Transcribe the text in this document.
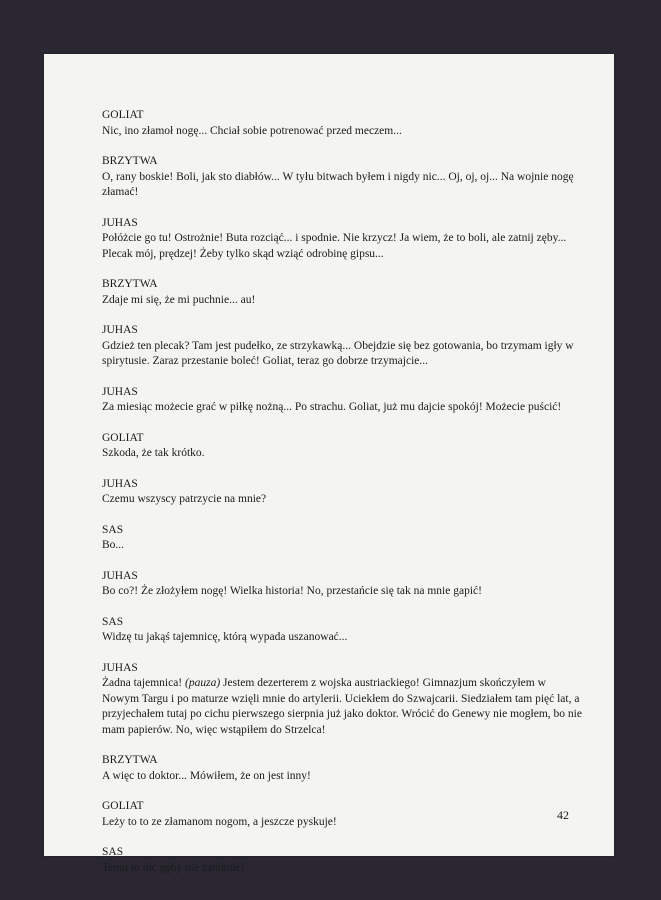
GOLIAT
Nic, ino złamoł nogę... Chciał sobie potrenować przed meczem...
BRZYTWA
O, rany boskie! Boli, jak sto diabłów... W tyłu bitwach byłem i nigdy nic... Oj, oj, oj... Na wojnie nogę złamać!
JUHAS
Połóżcie go tu! Ostrożnie! Buta rozciąć... i spodnie. Nie krzycz! Ja wiem, że to boli, ale zatnij zęby... Plecak mój, prędzej! Żeby tylko skąd wziąć odrobinę gipsu...
BRZYTWA
Zdaje mi się, że mi puchnie... au!
JUHAS
Gdzież ten plecak? Tam jest pudełko, ze strzykawką... Obejdzie się bez gotowania, bo trzymam igły w spirytusie. Zaraz przestanie boleć! Goliat, teraz go dobrze trzymajcie...
JUHAS
Za miesiąc możecie grać w piłkę nożną... Po strachu. Goliat, już mu dajcie spokój! Możecie puścić!
GOLIAT
Szkoda, że tak krótko.
JUHAS
Czemu wszyscy patrzycie na mnie?
SAS
Bo...
JUHAS
Bo co?! Że złożyłem nogę! Wielka historia! No, przestańcie się tak na mnie gapić!
SAS
Widzę tu jakąś tajemnicę, którą wypada uszanować...
JUHAS
Żadna tajemnica! (pauza) Jestem dezerterem z wojska austriackiego! Gimnazjum skończyłem w Nowym Targu i po maturze wzięli mnie do artylerii. Uciekłem do Szwajcarii. Siedziałem tam pięć lat, a przyjechałem tutaj po cichu pierwszego sierpnia już jako doktor. Wrócić do Genewy nie mogłem, bo nie mam papierów. No, więc wstąpiłem do Strzelca!
BRZYTWA
A więc to doktor... Mówiłem, że on jest inny!
GOLIAT
Leży to to ze złamanom nogom, a jeszcze pyskuje!
SAS
Temu to nic gęby nie zamknie!
42
